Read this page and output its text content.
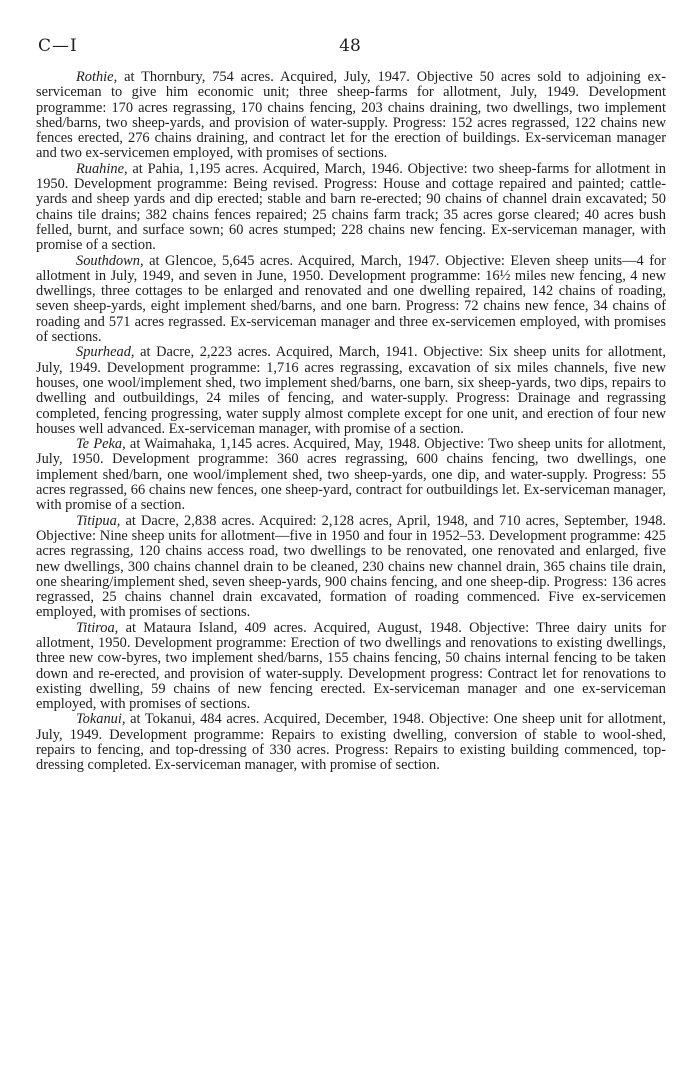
C—I	48

Rothie, at Thornbury, 754 acres. Acquired, July, 1947. Objective 50 acres sold to adjoining ex-serviceman to give him economic unit; three sheep-farms for allotment, July, 1949. Development programme: 170 acres regrassing, 170 chains fencing, 203 chains draining, two dwellings, two implement shed/barns, two sheep-yards, and provision of water-supply. Progress: 152 acres regrassed, 122 chains new fences erected, 276 chains draining, and contract let for the erection of buildings. Ex-serviceman manager and two ex-servicemen employed, with promises of sections.

Ruahine, at Pahia, 1,195 acres. Acquired, March, 1946. Objective: two sheep-farms for allotment in 1950. Development programme: Being revised. Progress: House and cottage repaired and painted; cattle-yards and sheep yards and dip erected; stable and barn re-erected; 90 chains of channel drain excavated; 50 chains tile drains; 382 chains fences repaired; 25 chains farm track; 35 acres gorse cleared; 40 acres bush felled, burnt, and surface sown; 60 acres stumped; 228 chains new fencing. Ex-serviceman manager, with promise of a section.

Southdown, at Glencoe, 5,645 acres. Acquired, March, 1947. Objective: Eleven sheep units—4 for allotment in July, 1949, and seven in June, 1950. Development programme: 16½ miles new fencing, 4 new dwellings, three cottages to be enlarged and renovated and one dwelling repaired, 142 chains of roading, seven sheep-yards, eight implement shed/barns, and one barn. Progress: 72 chains new fence, 34 chains of roading and 571 acres regrassed. Ex-serviceman manager and three ex-servicemen employed, with promises of sections.

Spurhead, at Dacre, 2,223 acres. Acquired, March, 1941. Objective: Six sheep units for allotment, July, 1949. Development programme: 1,716 acres regrassing, excavation of six miles channels, five new houses, one wool/implement shed, two implement shed/barns, one barn, six sheep-yards, two dips, repairs to dwelling and outbuildings, 24 miles of fencing, and water-supply. Progress: Drainage and regrassing completed, fencing progressing, water supply almost complete except for one unit, and erection of four new houses well advanced. Ex-serviceman manager, with promise of a section.

Te Peka, at Waimahaka, 1,145 acres. Acquired, May, 1948. Objective: Two sheep units for allotment, July, 1950. Development programme: 360 acres regrassing, 600 chains fencing, two dwellings, one implement shed/barn, one wool/implement shed, two sheep-yards, one dip, and water-supply. Progress: 55 acres regrassed, 66 chains new fences, one sheep-yard, contract for outbuildings let. Ex-serviceman manager, with promise of a section.

Titipua, at Dacre, 2,838 acres. Acquired: 2,128 acres, April, 1948, and 710 acres, September, 1948. Objective: Nine sheep units for allotment—five in 1950 and four in 1952–53. Development programme: 425 acres regrassing, 120 chains access road, two dwellings to be renovated, one renovated and enlarged, five new dwellings, 300 chains channel drain to be cleaned, 230 chains new channel drain, 365 chains tile drain, one shearing/implement shed, seven sheep-yards, 900 chains fencing, and one sheep-dip. Progress: 136 acres regrassed, 25 chains channel drain excavated, formation of roading commenced. Five ex-servicemen employed, with promises of sections.

Titiroa, at Mataura Island, 409 acres. Acquired, August, 1948. Objective: Three dairy units for allotment, 1950. Development programme: Erection of two dwellings and renovations to existing dwellings, three new cow-byres, two implement shed/barns, 155 chains fencing, 50 chains internal fencing to be taken down and re-erected, and provision of water-supply. Development progress: Contract let for renovations to existing dwelling, 59 chains of new fencing erected. Ex-serviceman manager and one ex-serviceman employed, with promises of sections.

Tokanui, at Tokanui, 484 acres. Acquired, December, 1948. Objective: One sheep unit for allotment, July, 1949. Development programme: Repairs to existing dwelling, conversion of stable to wool-shed, repairs to fencing, and top-dressing of 330 acres. Progress: Repairs to existing building commenced, top-dressing completed. Ex-serviceman manager, with promise of section.
